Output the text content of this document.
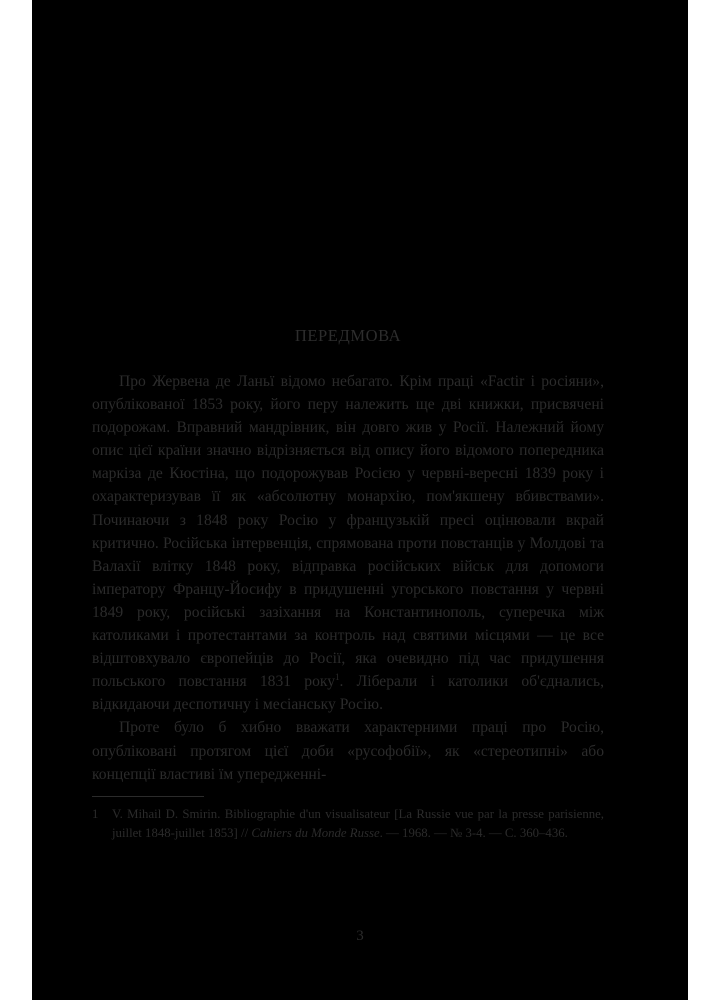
ПЕРЕДМОВА

Про Жервена де Ланьї відомо небагато. Крім праці «Factir i росіяни», опублікованої 1853 року, його перу належить ще дві книжки, присвячені подорожам. Вправний мандрівник, він довго жив у Росії. Належний йому опис цієї країни значно відрізняється від опису його відомого попередника маркіза де Кюстіна, що подорожував Росією у червні-вересні 1839 року і охарактеризував її як «абсолютну монархію, пом'якшену вбивствами». Починаючи з 1848 року Росію у французькій пресі оцінювали вкрай критично. Російська інтервенція, спрямована проти повстанців у Молдові та Валахії влітку 1848 року, відправка російських військ для допомоги імператору Францу-Йосифу в придушенні угорського повстання у червні 1849 року, російські зазіхання на Константинополь, суперечка між католиками і протестантами за контроль над святими місцями — це все відштовхувало європейців до Росії, яка очевидно під час придушення польського повстання 1831 року$^1$. Ліберали і католики об'єднались, відкидаючи деспотичну і месіанську Росію.

Проте було б хибно вважати характерними праці про Росію, опубліковані протягом цієї доби «русофобії», як «стереотипні» або концепції властиві їм упередженні-

1 V. Mihail D. Smirin. Bibliographie d'un visualisateur [La Russie vue par la presse parisienne, juillet 1848-juillet 1853] // Cahiers du Monde Russe. — 1968. — № 3-4. — С. 360–436.

3
